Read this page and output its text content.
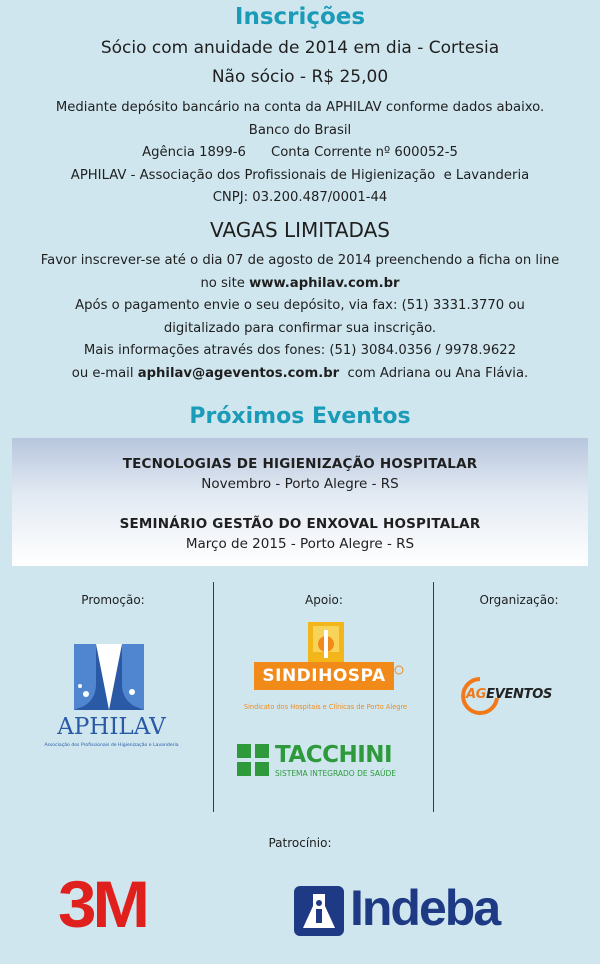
Inscrições
Sócio com anuidade de 2014 em dia - Cortesia
Não sócio - R$ 25,00
Mediante depósito bancário na conta da APHILAV conforme dados abaixo.
Banco do Brasil
Agência 1899-6      Conta Corrente nº 600052-5
APHILAV - Associação dos Profissionais de Higienização  e Lavanderia
CNPJ: 03.200.487/0001-44
VAGAS LIMITADAS
Favor inscrever-se até o dia 07 de agosto de 2014 preenchendo a ficha on line
no site www.aphilav.com.br
Após o pagamento envie o seu depósito, via fax: (51) 3331.3770 ou
digitalizado para confirmar sua inscrição.
Mais informações através dos fones: (51) 3084.0356 / 9978.9622
ou e-mail aphilav@ageventos.com.br  com Adriana ou Ana Flávia.
Próximos Eventos
TECNOLOGIAS DE HIGIENIZAÇÃO HOSPITALAR
Novembro - Porto Alegre - RS
SEMINÁRIO GESTÃO DO ENXOVAL HOSPITALAR
Março de 2015 - Porto Alegre - RS
Promoção:	Apoio:	Organização:
APHILAV
Associação dos Profissionais de Higienização e Lavanderia
SINDIHOSPA
Sindicato dos Hospitais e Clínicas de Porto Alegre
TACCHINI
SISTEMA INTEGRADO DE SAÚDE
AGEVENTOS
Patrocínio:
3M	Indeba
